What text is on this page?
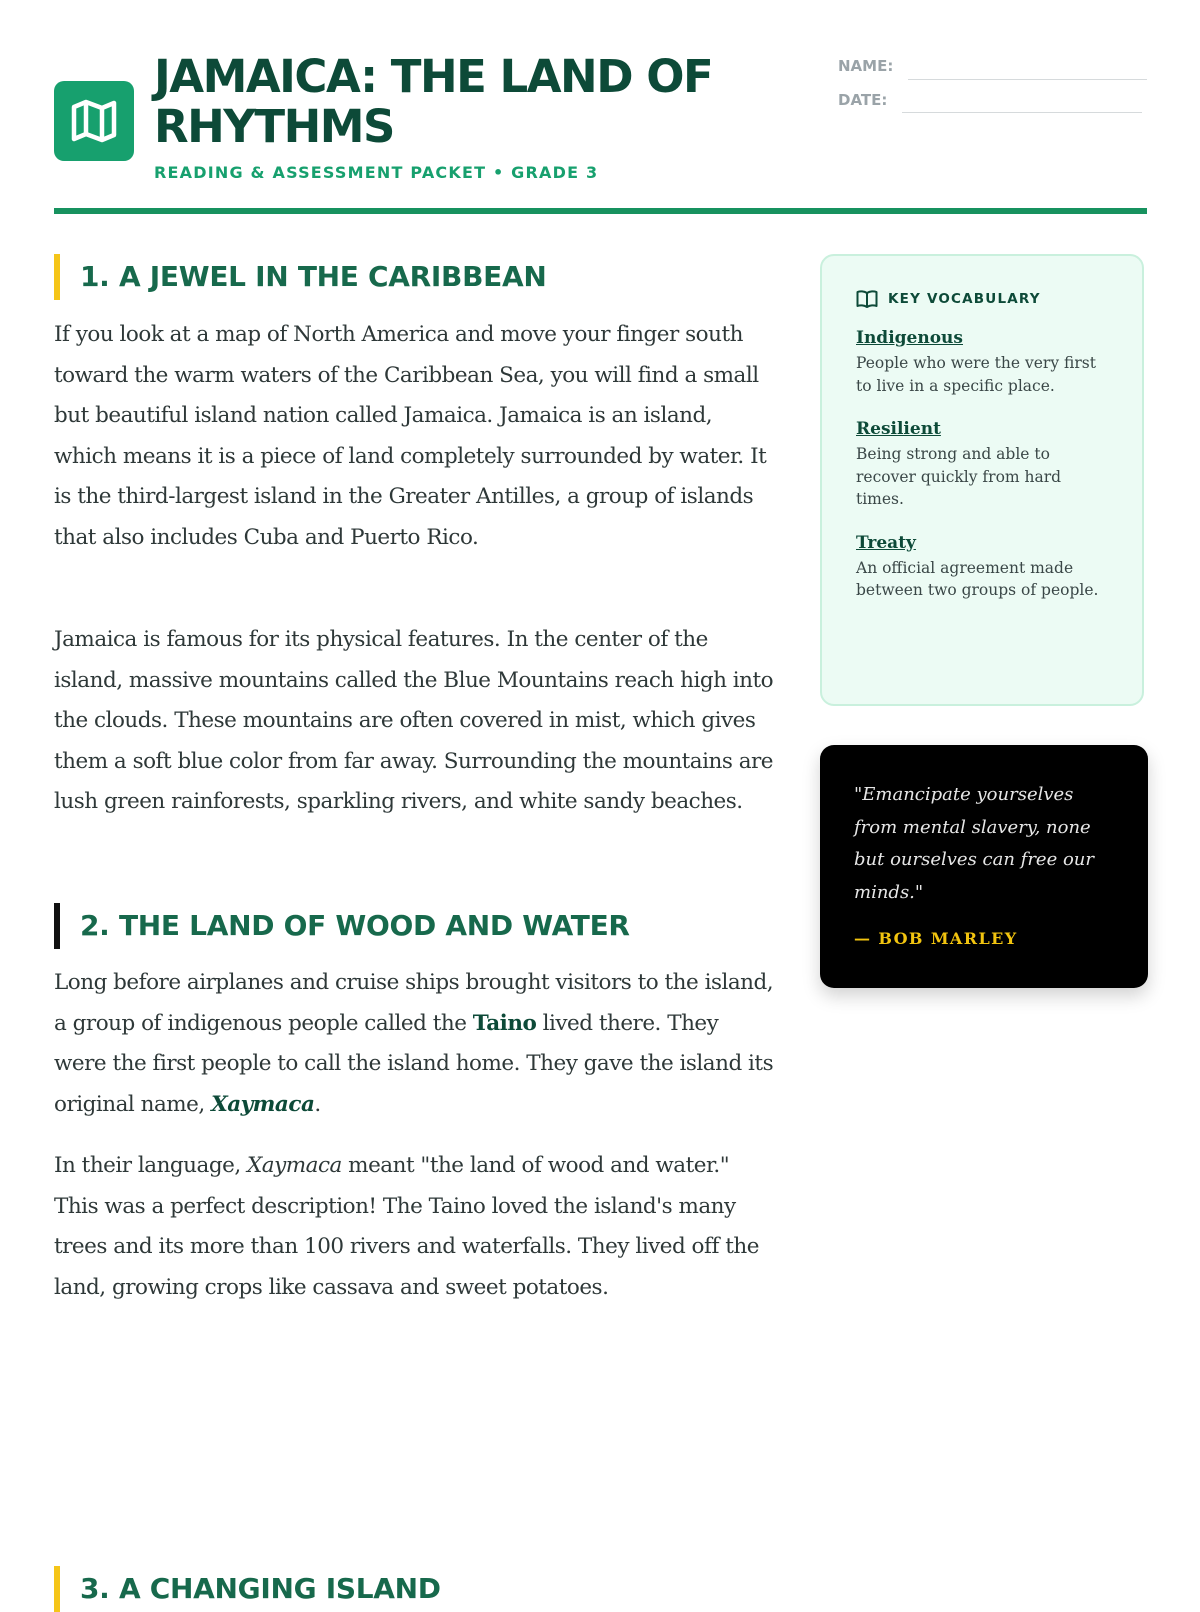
JAMAICA: THE LAND OF RHYTHMS
READING & ASSESSMENT PACKET • GRADE 3
NAME:
DATE:
1. A JEWEL IN THE CARIBBEAN

If you look at a map of North America and move your finger south toward the warm waters of the Caribbean Sea, you will find a small but beautiful island nation called Jamaica. Jamaica is an island, which means it is a piece of land completely surrounded by water. It is the third-largest island in the Greater Antilles, a group of islands that also includes Cuba and Puerto Rico.

Jamaica is famous for its physical features. In the center of the island, massive mountains called the Blue Mountains reach high into the clouds. These mountains are often covered in mist, which gives them a soft blue color from far away. Surrounding the mountains are lush green rainforests, sparkling rivers, and white sandy beaches.

2. THE LAND OF WOOD AND WATER

Long before airplanes and cruise ships brought visitors to the island, a group of indigenous people called the Taino lived there. They were the first people to call the island home. They gave the island its original name, Xaymaca.

In their language, Xaymaca meant "the land of wood and water." This was a perfect description! The Taino loved the island's many trees and its more than 100 rivers and waterfalls. They lived off the land, growing crops like cassava and sweet potatoes.

3. A CHANGING ISLAND
KEY VOCABULARY
Indigenous
People who were the very first to live in a specific place.
Resilient
Being strong and able to recover quickly from hard times.
Treaty
An official agreement made between two groups of people.

"Emancipate yourselves from mental slavery, none but ourselves can free our minds."

— BOB MARLEY
